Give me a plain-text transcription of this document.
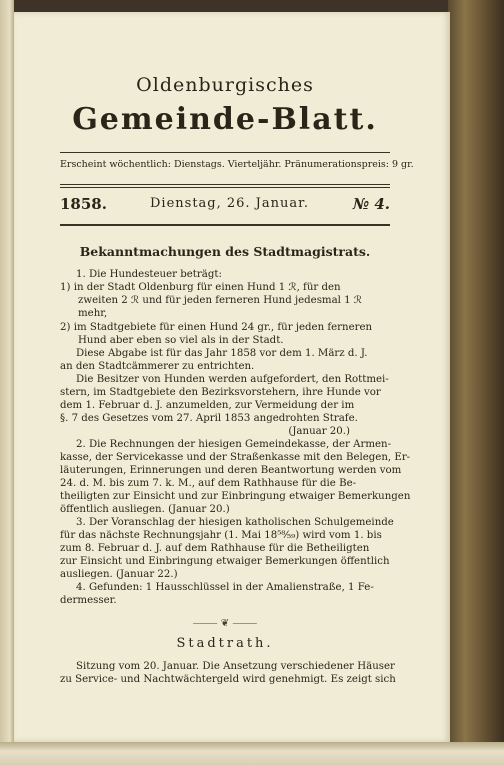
Oldenburgisches
Gemeinde-Blatt.
Erscheint wöchentlich: Dienstags. Vierteljähr. Pränumerationspreis: 9 gr.
1858.	Dienstag, 26. Januar.	№ 4.
Bekanntmachungen des Stadtmagistrats.
1. Die Hundesteuer beträgt:
1) in der Stadt Oldenburg für einen Hund 1 ℛ, für den
zweiten 2 ℛ und für jeden ferneren Hund jedesmal 1 ℛ
mehr,
2) im Stadtgebiete für einen Hund 24 gr., für jeden ferneren
Hund aber eben so viel als in der Stadt.
Diese Abgabe ist für das Jahr 1858 vor dem 1. März d. J.
an den Stadtcämmerer zu entrichten.
Die Besitzer von Hunden werden aufgefordert, den Rottmei-
stern, im Stadtgebiete den Bezirksvorstehern, ihre Hunde vor
dem 1. Februar d. J. anzumelden, zur Vermeidung der im
§. 7 des Gesetzes vom 27. April 1853 angedrohten Strafe.
(Januar 20.)
2. Die Rechnungen der hiesigen Gemeindekasse, der Armen-
kasse, der Servicekasse und der Straßenkasse mit den Belegen, Er-
läuterungen, Erinnerungen und deren Beantwortung werden vom
24. d. M. bis zum 7. k. M., auf dem Rathhause für die Be-
theiligten zur Einsicht und zur Einbringung etwaiger Bemerkungen
öffentlich ausliegen. (Januar 20.)
3. Der Voranschlag der hiesigen katholischen Schulgemeinde
für das nächste Rechnungsjahr (1. Mai 18⁵⁸⁄₅₉) wird vom 1. bis
zum 8. Februar d. J. auf dem Rathhause für die Betheiligten
zur Einsicht und Einbringung etwaiger Bemerkungen öffentlich
ausliegen. (Januar 22.)
4. Gefunden: 1 Hausschlüssel in der Amalienstraße, 1 Fe-
dermesser.
⸻ ❦ ⸻
Stadtrath.
Sitzung vom 20. Januar. Die Ansetzung verschiedener Häuser
zu Service- und Nachtwächtergeld wird genehmigt. Es zeigt sich
